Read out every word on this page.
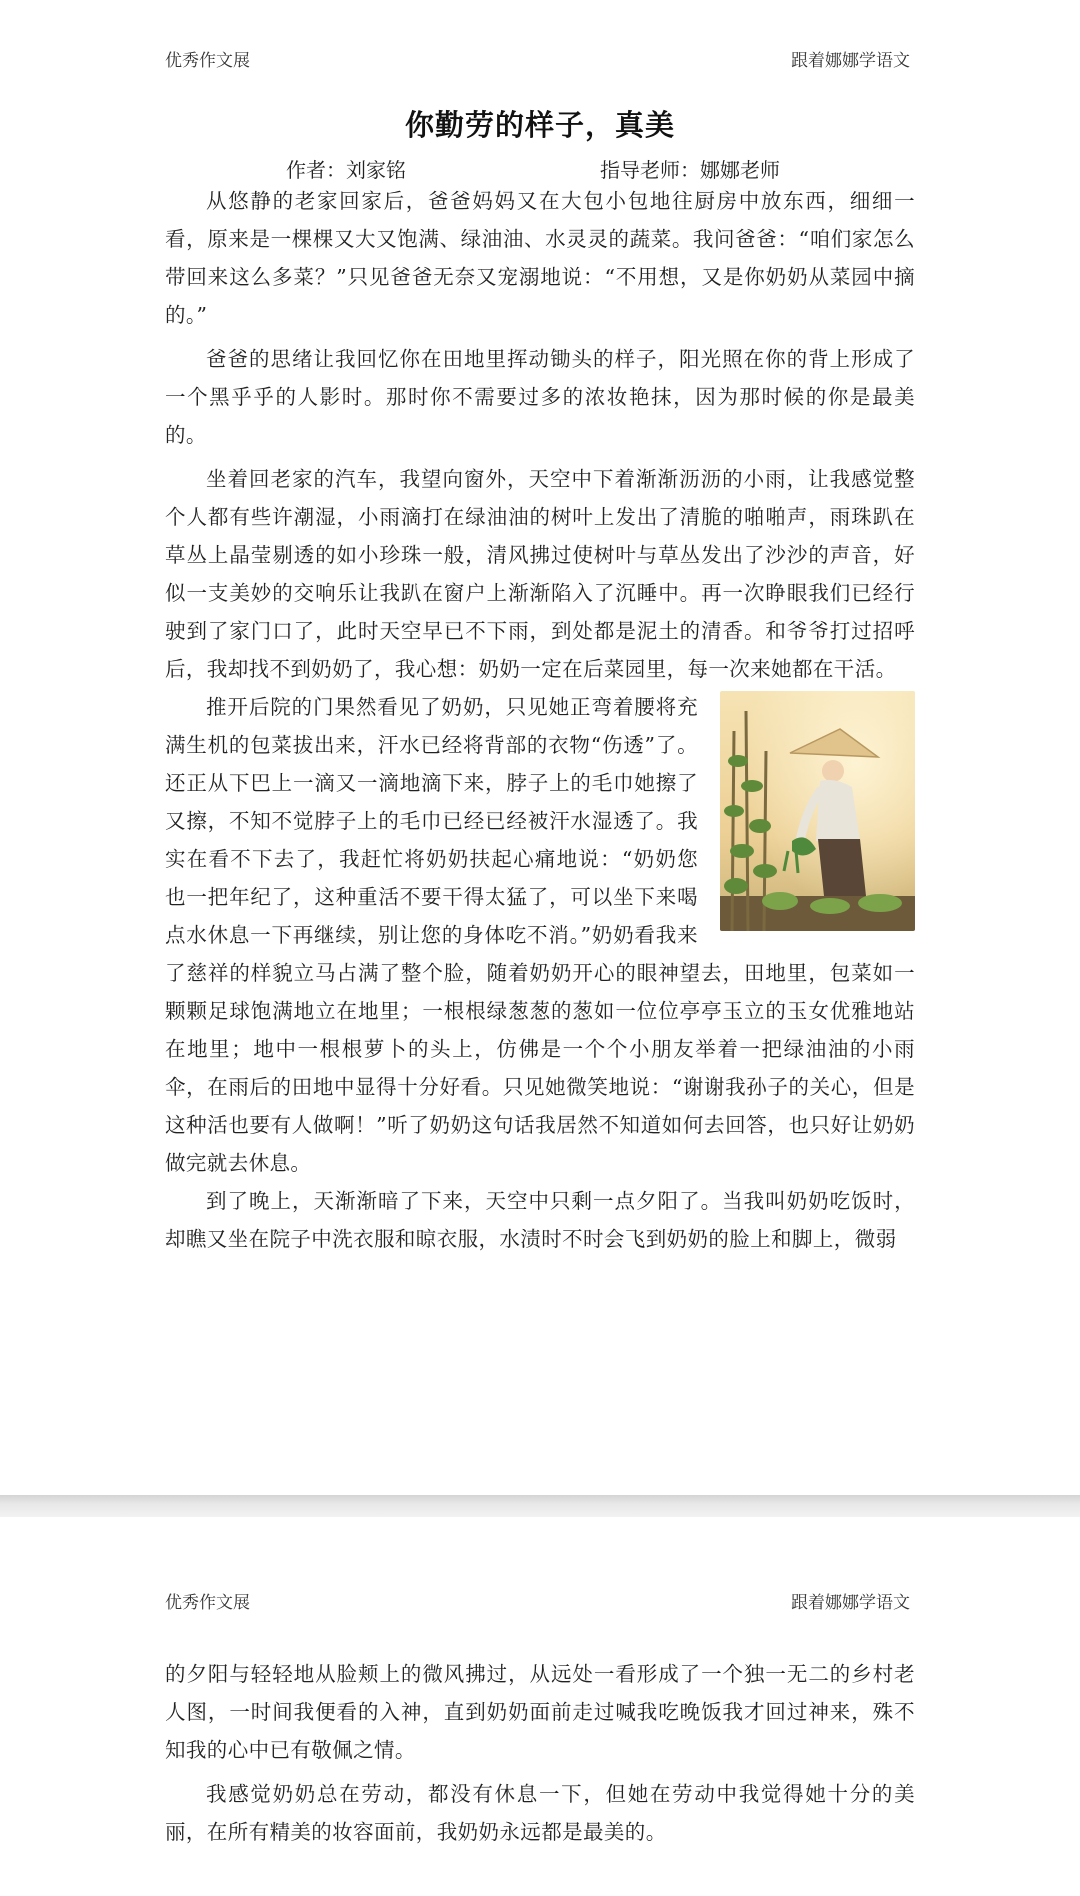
优秀作文展	跟着娜娜学语文
你勤劳的样子，真美
作者：刘家铭	指导老师：娜娜老师

从悠静的老家回家后，爸爸妈妈又在大包小包地往厨房中放东西，细细一看，原来是一棵棵又大又饱满、绿油油、水灵灵的蔬菜。我问爸爸：“咱们家怎么带回来这么多菜？”只见爸爸无奈又宠溺地说：“不用想，又是你奶奶从菜园中摘的。”

爸爸的思绪让我回忆你在田地里挥动锄头的样子，阳光照在你的背上形成了一个黑乎乎的人影时。那时你不需要过多的浓妆艳抹，因为那时候的你是最美的。

坐着回老家的汽车，我望向窗外，天空中下着渐渐沥沥的小雨，让我感觉整个人都有些许潮湿，小雨滴打在绿油油的树叶上发出了清脆的啪啪声，雨珠趴在草丛上晶莹剔透的如小珍珠一般，清风拂过使树叶与草丛发出了沙沙的声音，好似一支美妙的交响乐让我趴在窗户上渐渐陷入了沉睡中。再一次睁眼我们已经行驶到了家门口了，此时天空早已不下雨，到处都是泥土的清香。和爷爷打过招呼后，我却找不到奶奶了，我心想：奶奶一定在后菜园里，每一次来她都在干活。

推开后院的门果然看见了奶奶，只见她正弯着腰将充满生机的包菜拔出来，汗水已经将背部的衣物“伤透”了。还正从下巴上一滴又一滴地滴下来，脖子上的毛巾她擦了又擦，不知不觉脖子上的毛巾已经已经被汗水湿透了。我实在看不下去了，我赶忙将奶奶扶起心痛地说：“奶奶您也一把年纪了，这种重活不要干得太猛了，可以坐下来喝点水休息一下再继续，别让您的身体吃不消。”奶奶看我来了慈祥的样貌立马占满了整个脸，随着奶奶开心的眼神望去，田地里，包菜如一颗颗足球饱满地立在地里；一根根绿葱葱的葱如一位位亭亭玉立的玉女优雅地站在地里；地中一根根萝卜的头上，仿佛是一个个小朋友举着一把绿油油的小雨伞，在雨后的田地中显得十分好看。只见她微笑地说：“谢谢我孙子的关心，但是这种活也要有人做啊！”听了奶奶这句话我居然不知道如何去回答，也只好让奶奶做完就去休息。

到了晚上，天渐渐暗了下来，天空中只剩一点夕阳了。当我叫奶奶吃饭时，却瞧又坐在院子中洗衣服和晾衣服，水渍时不时会飞到奶奶的脸上和脚上，微弱

优秀作文展	跟着娜娜学语文

的夕阳与轻轻地从脸颊上的微风拂过，从远处一看形成了一个独一无二的乡村老人图，一时间我便看的入神，直到奶奶面前走过喊我吃晚饭我才回过神来，殊不知我的心中已有敬佩之情。

我感觉奶奶总在劳动，都没有休息一下，但她在劳动中我觉得她十分的美丽，在所有精美的妆容面前，我奶奶永远都是最美的。
